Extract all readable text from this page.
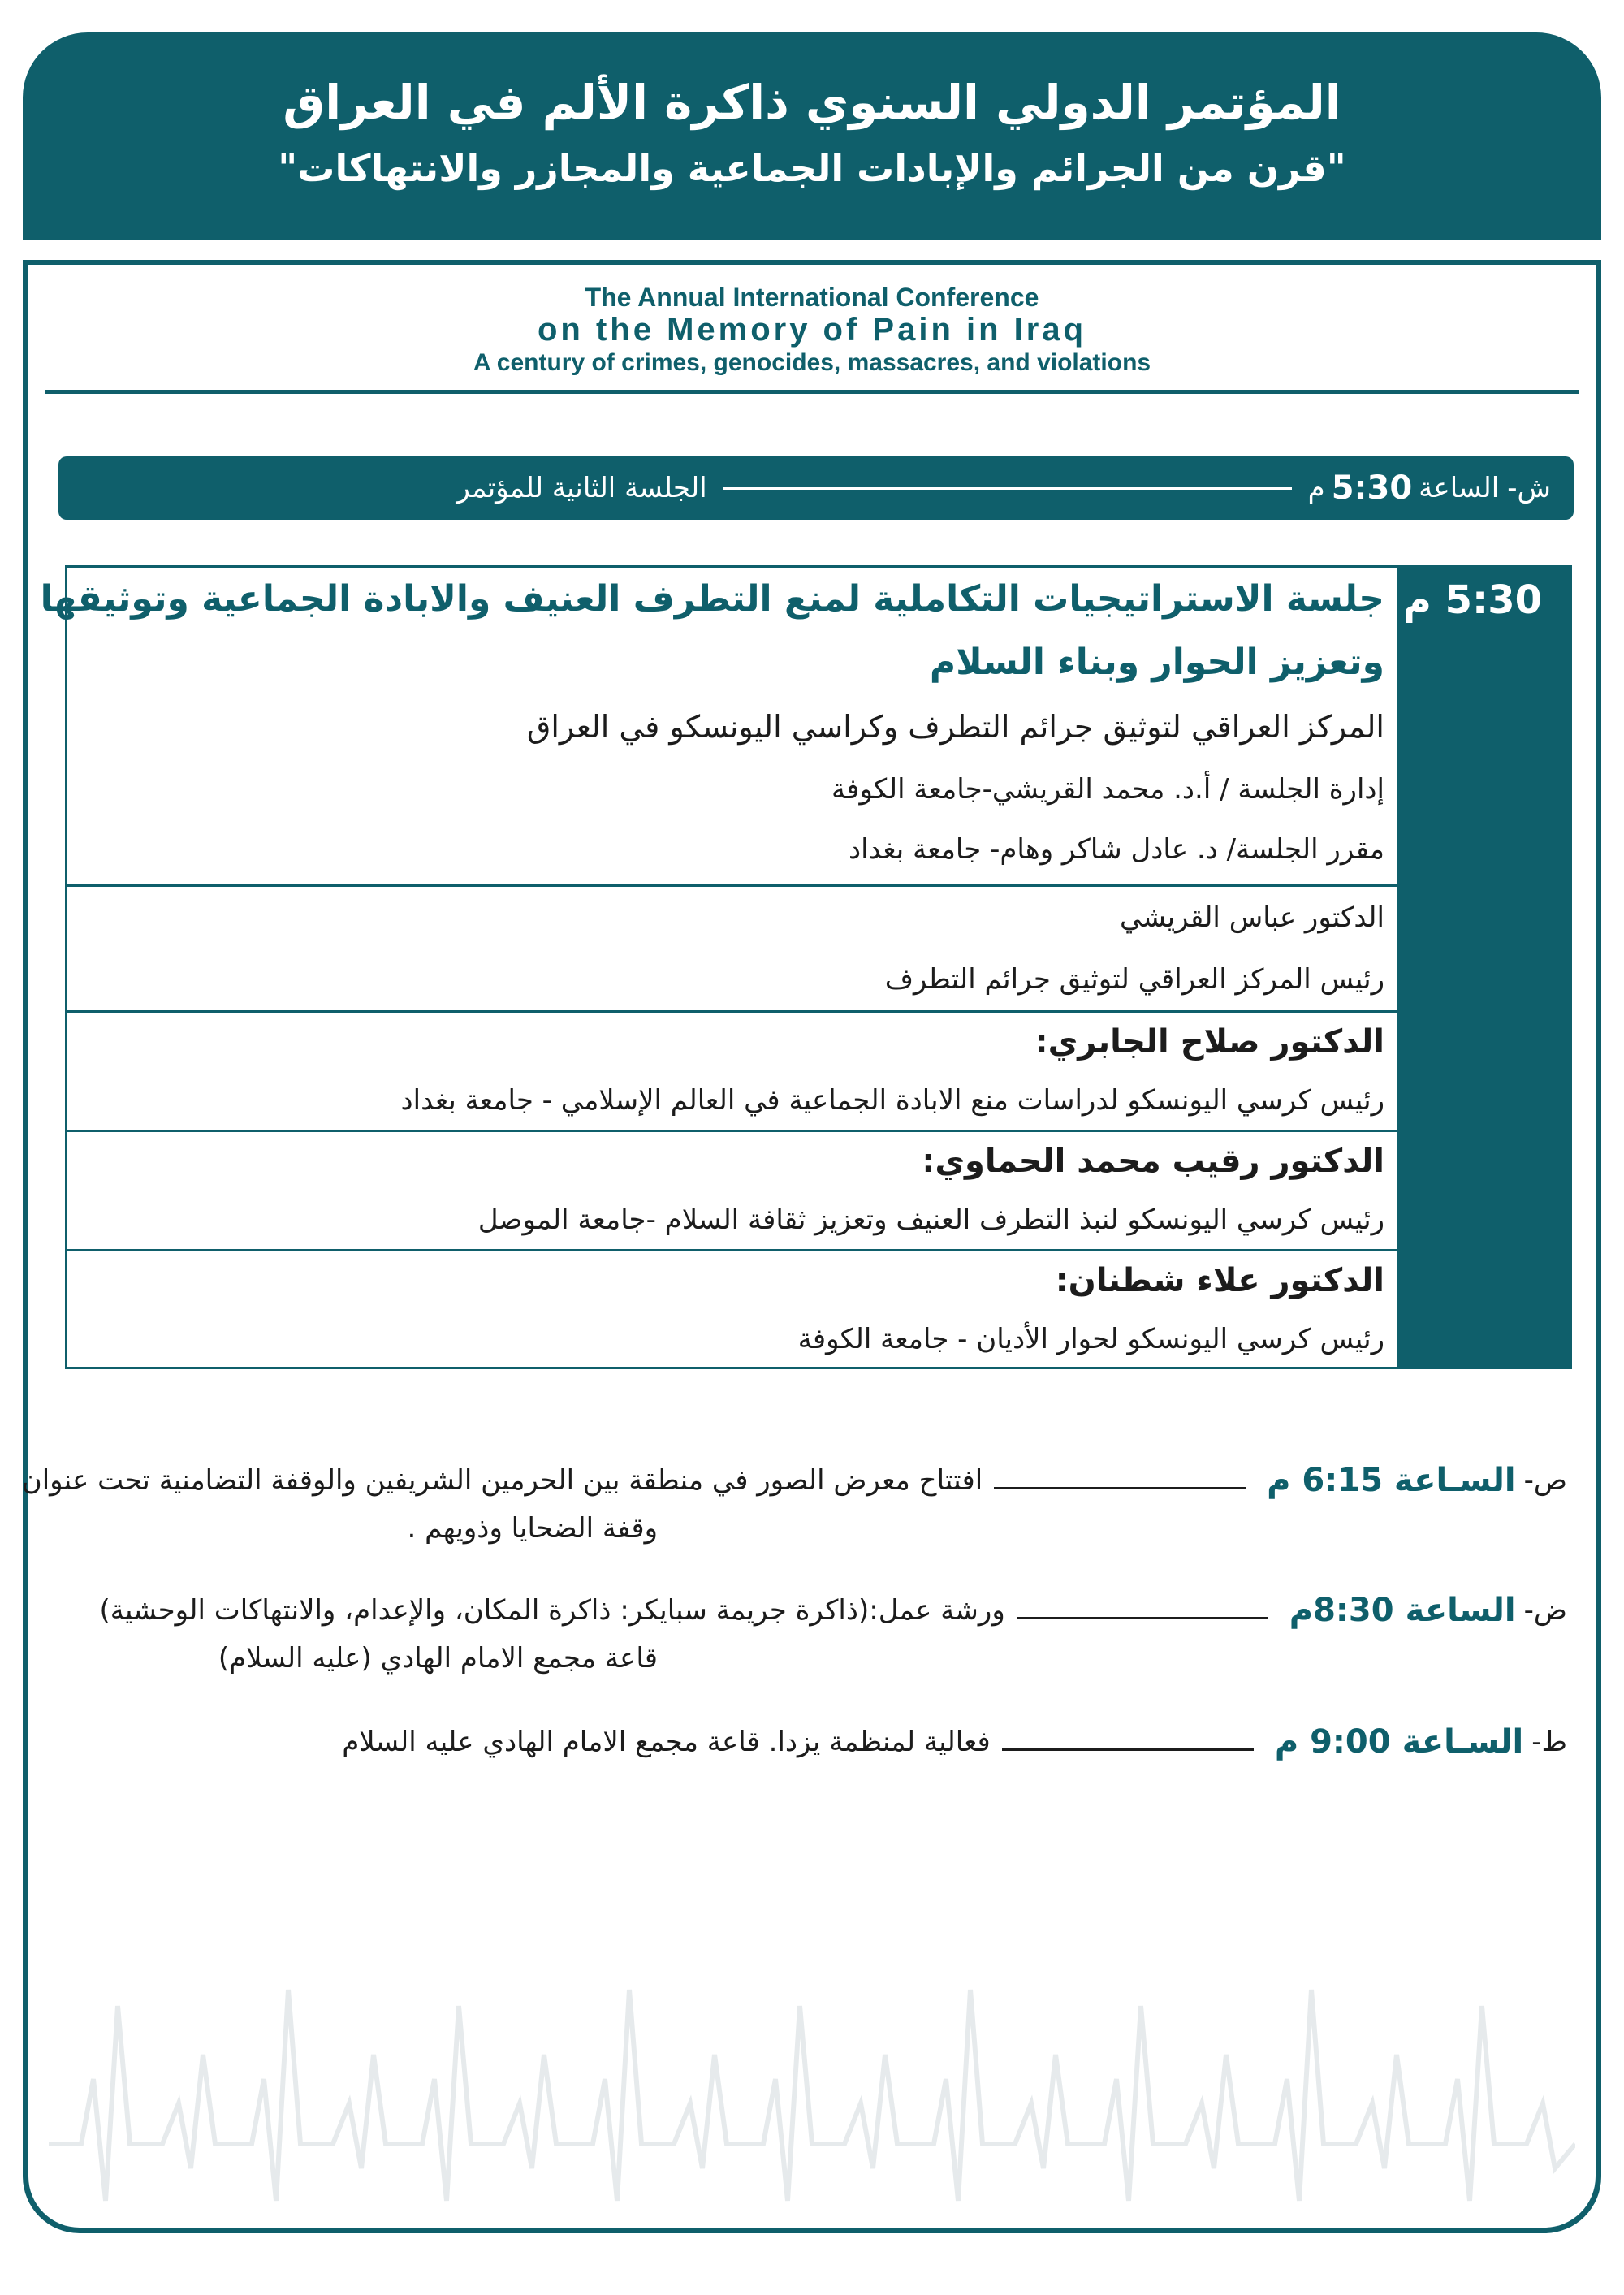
المؤتمر الدولي السنوي ذاكرة الألم في العراق
"قرن من الجرائم والإبادات الجماعية والمجازر والانتهاكات"
The Annual International Conference
on the Memory of Pain in Iraq
A century of crimes, genocides, massacres, and violations
ش-
الساعة
5:30
م
الجلسة الثانية للمؤتمر
5:30 م
جلسة الاستراتيجيات التكاملية لمنع التطرف العنيف والابادة الجماعية وتوثيقها
وتعزيز الحوار وبناء السلام
المركز العراقي لتوثيق جرائم التطرف وكراسي اليونسكو في العراق
إدارة الجلسة / أ.د. محمد القريشي-جامعة الكوفة
مقرر الجلسة/ د. عادل شاكر وهام- جامعة بغداد
الدكتور عباس القريشي
رئيس المركز العراقي لتوثيق جرائم التطرف
الدكتور صلاح الجابري:
رئيس كرسي اليونسكو لدراسات منع الابادة الجماعية في العالم الإسلامي - جامعة بغداد
الدكتور رقيب محمد الحماوي:
رئيس كرسي اليونسكو لنبذ التطرف العنيف وتعزيز ثقافة السلام -جامعة الموصل
الدكتور علاء شطنان:
رئيس كرسي اليونسكو لحوار الأديان - جامعة الكوفة
ص-
السـاعة
6:15 م
افتتاح معرض الصور في منطقة بين الحرمين الشريفين والوقفة التضامنية تحت عنوان
وقفة الضحايا وذويهم .
ض-
الساعة
8:30م
ورشة عمل:(ذاكرة جريمة سبايكر: ذاكرة المكان، والإعدام، والانتهاكات الوحشية)
قاعة مجمع الامام الهادي (عليه السلام)
ط-
السـاعة
9:00 م
فعالية لمنظمة يزدا. قاعة مجمع الامام الهادي عليه السلام
